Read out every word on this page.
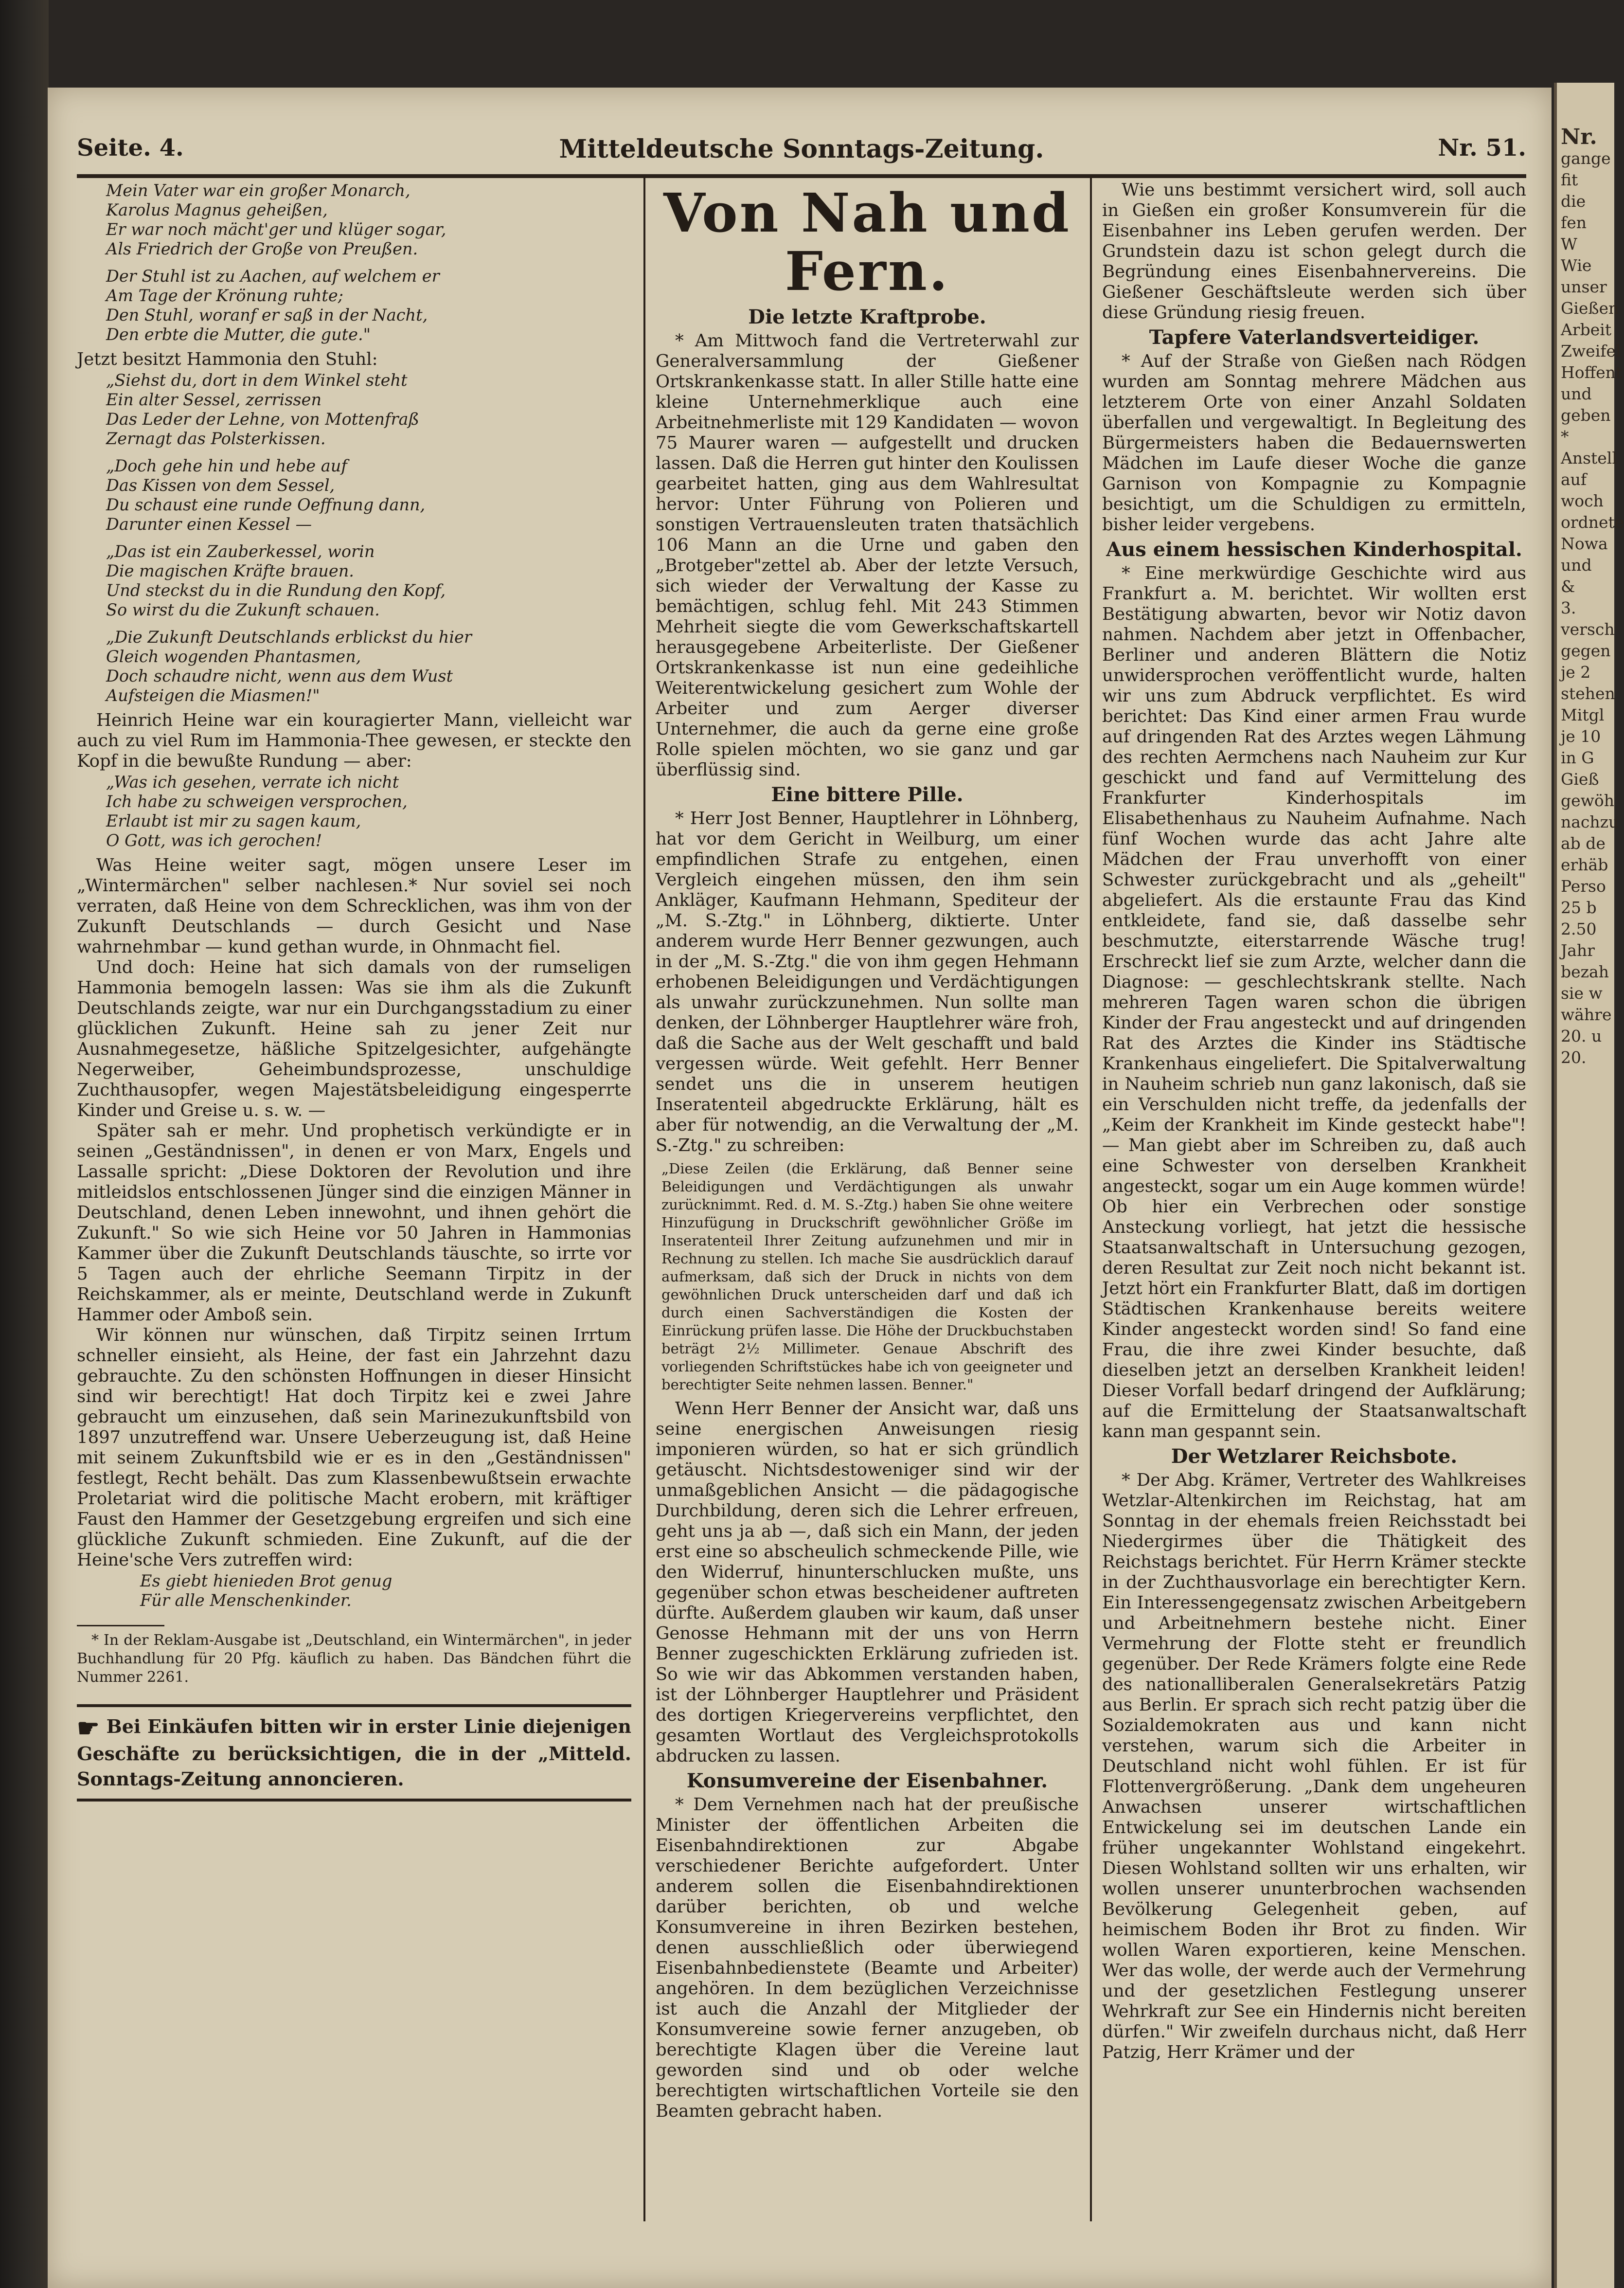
Seite. 4.	Mitteldeutsche Sonntags-Zeitung.	Nr. 51.
Mein Vater war ein großer Monarch,
Karolus Magnus geheißen,
Er war noch mächt'ger und klüger sogar,
Als Friedrich der Große von Preußen.
Der Stuhl ist zu Aachen, auf welchem er
Am Tage der Krönung ruhte;
Den Stuhl, woranf er saß in der Nacht,
Den erbte die Mutter, die gute."

Jetzt besitzt Hammonia den Stuhl:

„Siehst du, dort in dem Winkel steht
Ein alter Sessel, zerrissen
Das Leder der Lehne, von Mottenfraß
Zernagt das Polsterkissen.
„Doch gehe hin und hebe auf
Das Kissen von dem Sessel,
Du schaust eine runde Oeffnung dann,
Darunter einen Kessel —
„Das ist ein Zauberkessel, worin
Die magischen Kräfte brauen.
Und steckst du in die Rundung den Kopf,
So wirst du die Zukunft schauen.
„Die Zukunft Deutschlands erblickst du hier
Gleich wogenden Phantasmen,
Doch schaudre nicht, wenn aus dem Wust
Aufsteigen die Miasmen!"

Heinrich Heine war ein kouragierter Mann, vielleicht war auch zu viel Rum im Hammonia-Thee gewesen, er steckte den Kopf in die bewußte Rundung — aber:

„Was ich gesehen, verrate ich nicht
Ich habe zu schweigen versprochen,
Erlaubt ist mir zu sagen kaum,
O Gott, was ich gerochen!

Was Heine weiter sagt, mögen unsere Leser im „Wintermärchen" selber nachlesen.* Nur soviel sei noch verraten, daß Heine von dem Schrecklichen, was ihm von der Zukunft Deutschlands — durch Gesicht und Nase wahrnehmbar — kund gethan wurde, in Ohnmacht fiel.

Und doch: Heine hat sich damals von der rumseligen Hammonia bemogeln lassen: Was sie ihm als die Zukunft Deutschlands zeigte, war nur ein Durchgangsstadium zu einer glücklichen Zukunft. Heine sah zu jener Zeit nur Ausnahmegesetze, häßliche Spitzelgesichter, aufgehängte Negerweiber, Geheimbundsprozesse, unschuldige Zuchthausopfer, wegen Majestätsbeleidigung eingesperrte Kinder und Greise u. s. w. —

Später sah er mehr. Und prophetisch verkündigte er in seinen „Geständnissen", in denen er von Marx, Engels und Lassalle spricht: „Diese Doktoren der Revolution und ihre mitleidslos entschlossenen Jünger sind die einzigen Männer in Deutschland, denen Leben innewohnt, und ihnen gehört die Zukunft." So wie sich Heine vor 50 Jahren in Hammonias Kammer über die Zukunft Deutschlands täuschte, so irrte vor 5 Tagen auch der ehrliche Seemann Tirpitz in der Reichskammer, als er meinte, Deutschland werde in Zukunft Hammer oder Amboß sein.

Wir können nur wünschen, daß Tirpitz seinen Irrtum schneller einsieht, als Heine, der fast ein Jahrzehnt dazu gebrauchte. Zu den schönsten Hoffnungen in dieser Hinsicht sind wir berechtigt! Hat doch Tirpitz kei e zwei Jahre gebraucht um einzusehen, daß sein Marinezukunftsbild von 1897 unzutreffend war. Unsere Ueberzeugung ist, daß Heine mit seinem Zukunftsbild wie er es in den „Geständnissen" festlegt, Recht behält. Das zum Klassenbewußtsein erwachte Proletariat wird die politische Macht erobern, mit kräftiger Faust den Hammer der Gesetzgebung ergreifen und sich eine glückliche Zukunft schmieden. Eine Zukunft, auf die der Heine'sche Vers zutreffen wird:

Es giebt hienieden Brot genug
Für alle Menschenkinder.
* In der Reklam-Ausgabe ist „Deutschland, ein Wintermärchen", in jeder Buchhandlung für 20 Pfg. käuflich zu haben. Das Bändchen führt die Nummer 2261.
☛ Bei Einkäufen bitten wir in erster Linie diejenigen Geschäfte zu berücksichtigen, die in der „Mitteld. Sonntags-Zeitung annoncieren.
Von Nah und Fern.
Die letzte Kraftprobe.

* Am Mittwoch fand die Vertreterwahl zur Generalversammlung der Gießener Ortskrankenkasse statt. In aller Stille hatte eine kleine Unternehmerklique auch eine Arbeitnehmerliste mit 129 Kandidaten — wovon 75 Maurer waren — aufgestellt und drucken lassen. Daß die Herren gut hinter den Koulissen gearbeitet hatten, ging aus dem Wahlresultat hervor: Unter Führung von Polieren und sonstigen Vertrauensleuten traten thatsächlich 106 Mann an die Urne und gaben den „Brotgeber"zettel ab. Aber der letzte Versuch, sich wieder der Verwaltung der Kasse zu bemächtigen, schlug fehl. Mit 243 Stimmen Mehrheit siegte die vom Gewerkschaftskartell herausgegebene Arbeiterliste. Der Gießener Ortskrankenkasse ist nun eine gedeihliche Weiterentwickelung gesichert zum Wohle der Arbeiter und zum Aerger diverser Unternehmer, die auch da gerne eine große Rolle spielen möchten, wo sie ganz und gar überflüssig sind.

Eine bittere Pille.

* Herr Jost Benner, Hauptlehrer in Löhnberg, hat vor dem Gericht in Weilburg, um einer empfindlichen Strafe zu entgehen, einen Vergleich eingehen müssen, den ihm sein Ankläger, Kaufmann Hehmann, Spediteur der „M. S.-Ztg." in Löhnberg, diktierte. Unter anderem wurde Herr Benner gezwungen, auch in der „M. S.-Ztg." die von ihm gegen Hehmann erhobenen Beleidigungen und Verdächtigungen als unwahr zurückzunehmen. Nun sollte man denken, der Löhnberger Hauptlehrer wäre froh, daß die Sache aus der Welt geschafft und bald vergessen würde. Weit gefehlt. Herr Benner sendet uns die in unserem heutigen Inseratenteil abgedruckte Erklärung, hält es aber für notwendig, an die Verwaltung der „M. S.-Ztg." zu schreiben:

„Diese Zeilen (die Erklärung, daß Benner seine Beleidigungen und Verdächtigungen als unwahr zurücknimmt. Red. d. M. S.-Ztg.) haben Sie ohne weitere Hinzufügung in Druckschrift gewöhnlicher Größe im Inseratenteil Ihrer Zeitung aufzunehmen und mir in Rechnung zu stellen. Ich mache Sie ausdrücklich darauf aufmerksam, daß sich der Druck in nichts von dem gewöhnlichen Druck unterscheiden darf und daß ich durch einen Sachverständigen die Kosten der Einrückung prüfen lasse. Die Höhe der Druckbuchstaben beträgt 2½ Millimeter. Genaue Abschrift des vorliegenden Schriftstückes habe ich von geeigneter und berechtigter Seite nehmen lassen. Benner."

Wenn Herr Benner der Ansicht war, daß uns seine energischen Anweisungen riesig imponieren würden, so hat er sich gründlich getäuscht. Nichtsdestoweniger sind wir der unmaßgeblichen Ansicht — die pädagogische Durchbildung, deren sich die Lehrer erfreuen, geht uns ja ab —, daß sich ein Mann, der jeden erst eine so abscheulich schmeckende Pille, wie den Widerruf, hinunterschlucken mußte, uns gegenüber schon etwas bescheidener auftreten dürfte. Außerdem glauben wir kaum, daß unser Genosse Hehmann mit der uns von Herrn Benner zugeschickten Erklärung zufrieden ist. So wie wir das Abkommen verstanden haben, ist der Löhnberger Hauptlehrer und Präsident des dortigen Kriegervereins verpflichtet, den gesamten Wortlaut des Vergleichsprotokolls abdrucken zu lassen.

Konsumvereine der Eisenbahner.

* Dem Vernehmen nach hat der preußische Minister der öffentlichen Arbeiten die Eisenbahndirektionen zur Abgabe verschiedener Berichte aufgefordert. Unter anderem sollen die Eisenbahndirektionen darüber berichten, ob und welche Konsumvereine in ihren Bezirken bestehen, denen ausschließlich oder überwiegend Eisenbahnbedienstete (Beamte und Arbeiter) angehören. In dem bezüglichen Verzeichnisse ist auch die Anzahl der Mitglieder der Konsumvereine sowie ferner anzugeben, ob berechtigte Klagen über die Vereine laut geworden sind und ob oder welche berechtigten wirtschaftlichen Vorteile sie den Beamten gebracht haben.

Wie uns bestimmt versichert wird, soll auch in Gießen ein großer Konsumverein für die Eisenbahner ins Leben gerufen werden. Der Grundstein dazu ist schon gelegt durch die Begründung eines Eisenbahnervereins. Die Gießener Geschäftsleute werden sich über diese Gründung riesig freuen.

Tapfere Vaterlandsverteidiger.

* Auf der Straße von Gießen nach Rödgen wurden am Sonntag mehrere Mädchen aus letzterem Orte von einer Anzahl Soldaten überfallen und vergewaltigt. In Begleitung des Bürgermeisters haben die Bedauernswerten Mädchen im Laufe dieser Woche die ganze Garnison von Kompagnie zu Kompagnie besichtigt, um die Schuldigen zu ermitteln, bisher leider vergebens.

Aus einem hessischen Kinderhospital.

* Eine merkwürdige Geschichte wird aus Frankfurt a. M. berichtet. Wir wollten erst Bestätigung abwarten, bevor wir Notiz davon nahmen. Nachdem aber jetzt in Offenbacher, Berliner und anderen Blättern die Notiz unwidersprochen veröffentlicht wurde, halten wir uns zum Abdruck verpflichtet. Es wird berichtet: Das Kind einer armen Frau wurde auf dringenden Rat des Arztes wegen Lähmung des rechten Aermchens nach Nauheim zur Kur geschickt und fand auf Vermittelung des Frankfurter Kinderhospitals im Elisabethenhaus zu Nauheim Aufnahme. Nach fünf Wochen wurde das acht Jahre alte Mädchen der Frau unverhofft von einer Schwester zurückgebracht und als „geheilt" abgeliefert. Als die erstaunte Frau das Kind entkleidete, fand sie, daß dasselbe sehr beschmutzte, eiterstarrende Wäsche trug! Erschreckt lief sie zum Arzte, welcher dann die Diagnose: — geschlechtskrank stellte. Nach mehreren Tagen waren schon die übrigen Kinder der Frau angesteckt und auf dringenden Rat des Arztes die Kinder ins Städtische Krankenhaus eingeliefert. Die Spitalverwaltung in Nauheim schrieb nun ganz lakonisch, daß sie ein Verschulden nicht treffe, da jedenfalls der „Keim der Krankheit im Kinde gesteckt habe"! — Man giebt aber im Schreiben zu, daß auch eine Schwester von derselben Krankheit angesteckt, sogar um ein Auge kommen würde! Ob hier ein Verbrechen oder sonstige Ansteckung vorliegt, hat jetzt die hessische Staatsanwaltschaft in Untersuchung gezogen, deren Resultat zur Zeit noch nicht bekannt ist. Jetzt hört ein Frankfurter Blatt, daß im dortigen Städtischen Krankenhause bereits weitere Kinder angesteckt worden sind! So fand eine Frau, die ihre zwei Kinder besuchte, daß dieselben jetzt an derselben Krankheit leiden! Dieser Vorfall bedarf dringend der Aufklärung; auf die Ermittelung der Staatsanwaltschaft kann man gespannt sein.

Der Wetzlarer Reichsbote.

* Der Abg. Krämer, Vertreter des Wahlkreises Wetzlar-Altenkirchen im Reichstag, hat am Sonntag in der ehemals freien Reichsstadt bei Niedergirmes über die Thätigkeit des Reichstags berichtet. Für Herrn Krämer steckte in der Zuchthausvorlage ein berechtigter Kern. Ein Interessengegensatz zwischen Arbeitgebern und Arbeitnehmern bestehe nicht. Einer Vermehrung der Flotte steht er freundlich gegenüber. Der Rede Krämers folgte eine Rede des nationalliberalen Generalsekretärs Patzig aus Berlin. Er sprach sich recht patzig über die Sozialdemokraten aus und kann nicht verstehen, warum sich die Arbeiter in Deutschland nicht wohl fühlen. Er ist für Flottenvergrößerung. „Dank dem ungeheuren Anwachsen unserer wirtschaftlichen Entwickelung sei im deutschen Lande ein früher ungekannter Wohlstand eingekehrt. Diesen Wohlstand sollten wir uns erhalten, wir wollen unserer ununterbrochen wachsenden Bevölkerung Gelegenheit geben, auf heimischem Boden ihr Brot zu finden. Wir wollen Waren exportieren, keine Menschen. Wer das wolle, der werde auch der Vermehrung und der gesetzlichen Festlegung unserer Wehrkraft zur See ein Hindernis nicht bereiten dürfen." Wir zweifeln durchaus nicht, daß Herr Patzig, Herr Krämer und der

Nr.
gange
fit
die
fen
W
Wie
unser
Gießen
Arbeit
Zweifel
Hoffent
und
geben
*
Anstell
auf
woch
ordnete
Nowa
und
&
3.
versch
gegen
je 2
stehen
Mitgl
je 10
in G
Gieß
gewöh
nachzu
ab de
erhäb
Perso
25 b
2.50
Jahr
bezah
sie w
währe
20. u
20.
